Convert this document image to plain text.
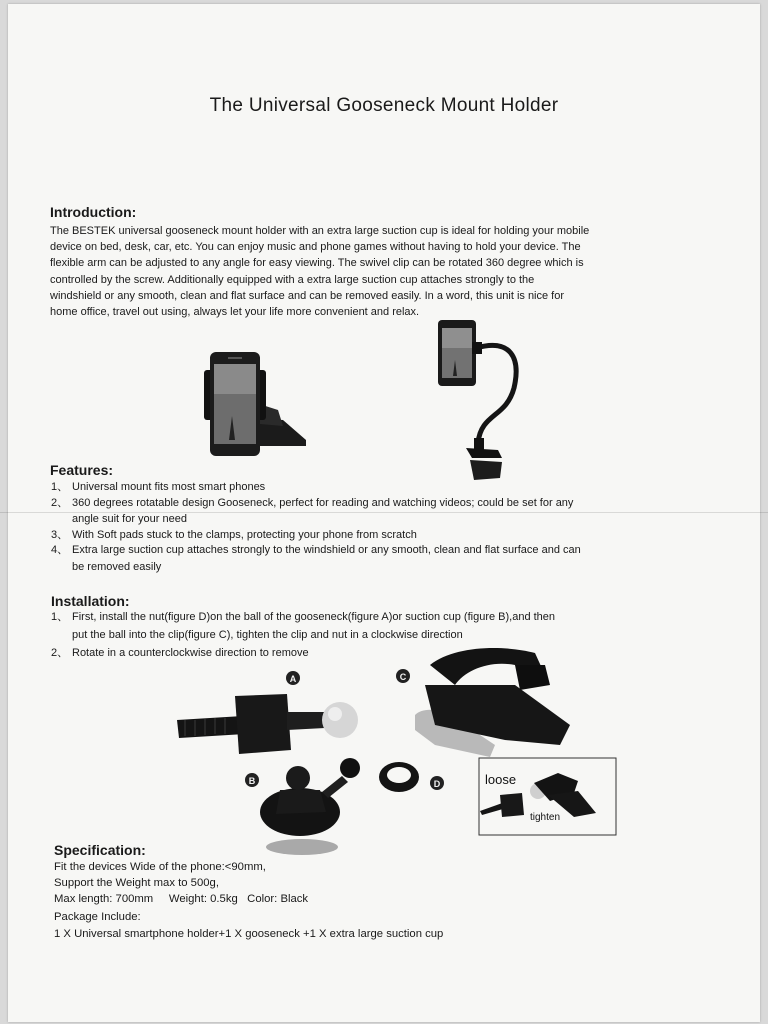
The Universal Gooseneck Mount Holder
Introduction:
The BESTEK universal gooseneck mount holder with an extra large suction cup is ideal for holding your mobile
device on bed, desk, car, etc. You can enjoy music and phone games without having to hold your device. The
flexible arm can be adjusted to any angle for easy viewing. The swivel clip can be rotated 360 degree which is
controlled by the screw. Additionally equipped with a extra large suction cup attaches strongly to the
windshield or any smooth, clean and flat surface and can be removed easily. In a word, this unit is nice for
home office, travel out using, always let your life more convenient and relax.
Features:
1、 Universal mount fits most smart phones
2、 360 degrees rotatable design Gooseneck, perfect for reading and watching videos; could be set for any
angle suit for your need
3、 With Soft pads stuck to the clamps, protecting your phone from scratch
4、 Extra large suction cup attaches strongly to the windshield or any smooth, clean and flat surface and can
be removed easily
Installation:
1、 First, install the nut(figure D)on the ball of the gooseneck(figure A)or suction cup (figure B),and then
put the ball into the clip(figure C), tighten the clip and nut in a clockwise direction
2、 Rotate in a counterclockwise direction to remove
A	C
B	D	loose
tighten
Specification:
Fit the devices Wide of the phone:<90mm,
Support the Weight max to 500g,
Max length: 700mm     Weight: 0.5kg   Color: Black
Package Include:
1 X Universal smartphone holder+1 X gooseneck +1 X extra large suction cup
